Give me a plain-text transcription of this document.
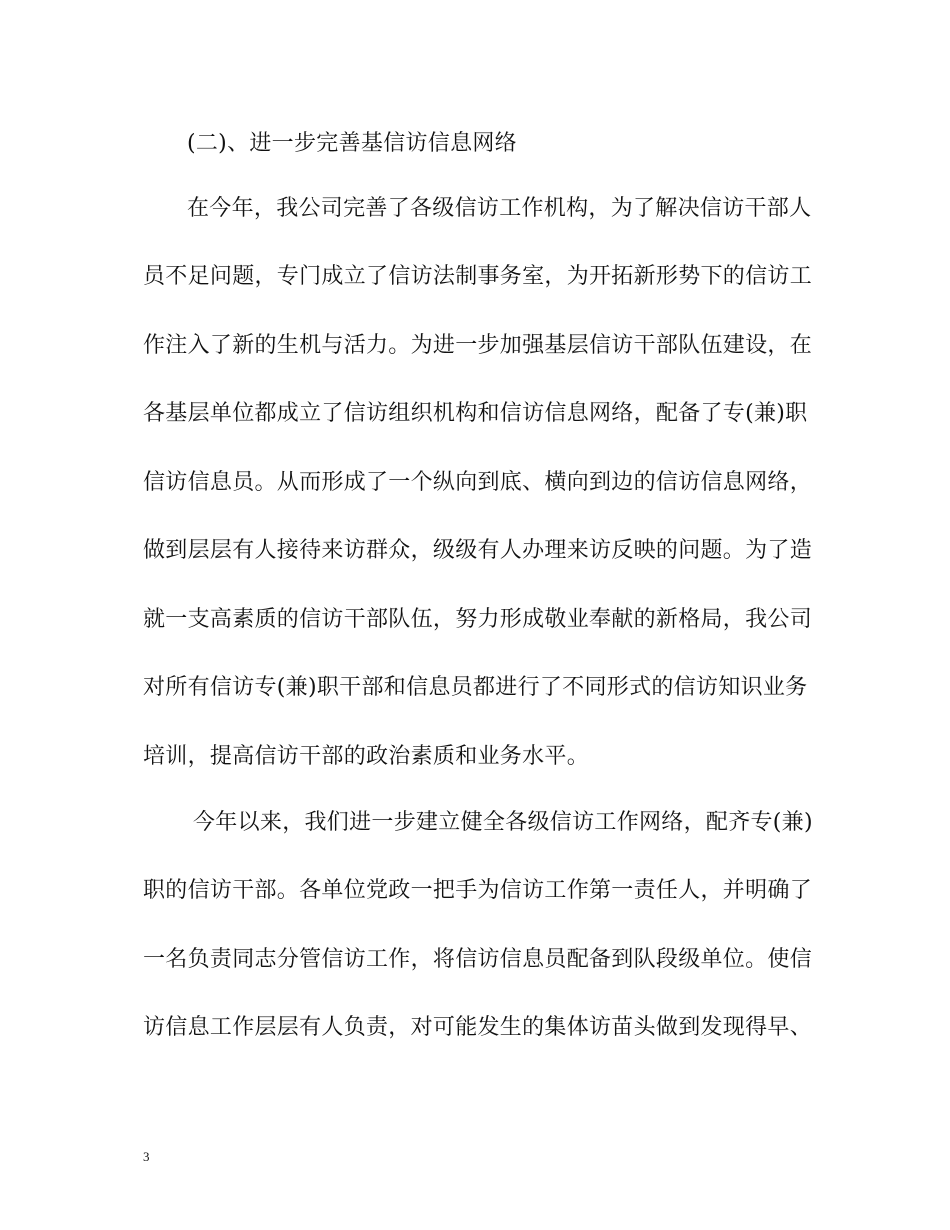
(二)、进一步完善基信访信息网络
在今年，我公司完善了各级信访工作机构，为了解决信访干部人
员不足问题，专门成立了信访法制事务室，为开拓新形势下的信访工
作注入了新的生机与活力。为进一步加强基层信访干部队伍建设，在
各基层单位都成立了信访组织机构和信访信息网络，配备了专(兼)职
信访信息员。从而形成了一个纵向到底、横向到边的信访信息网络，
做到层层有人接待来访群众，级级有人办理来访反映的问题。为了造
就一支高素质的信访干部队伍，努力形成敬业奉献的新格局，我公司
对所有信访专(兼)职干部和信息员都进行了不同形式的信访知识业务
培训，提高信访干部的政治素质和业务水平。
今年以来，我们进一步建立健全各级信访工作网络，配齐专(兼)
职的信访干部。各单位党政一把手为信访工作第一责任人，并明确了
一名负责同志分管信访工作，将信访信息员配备到队段级单位。使信
访信息工作层层有人负责，对可能发生的集体访苗头做到发现得早、
3
